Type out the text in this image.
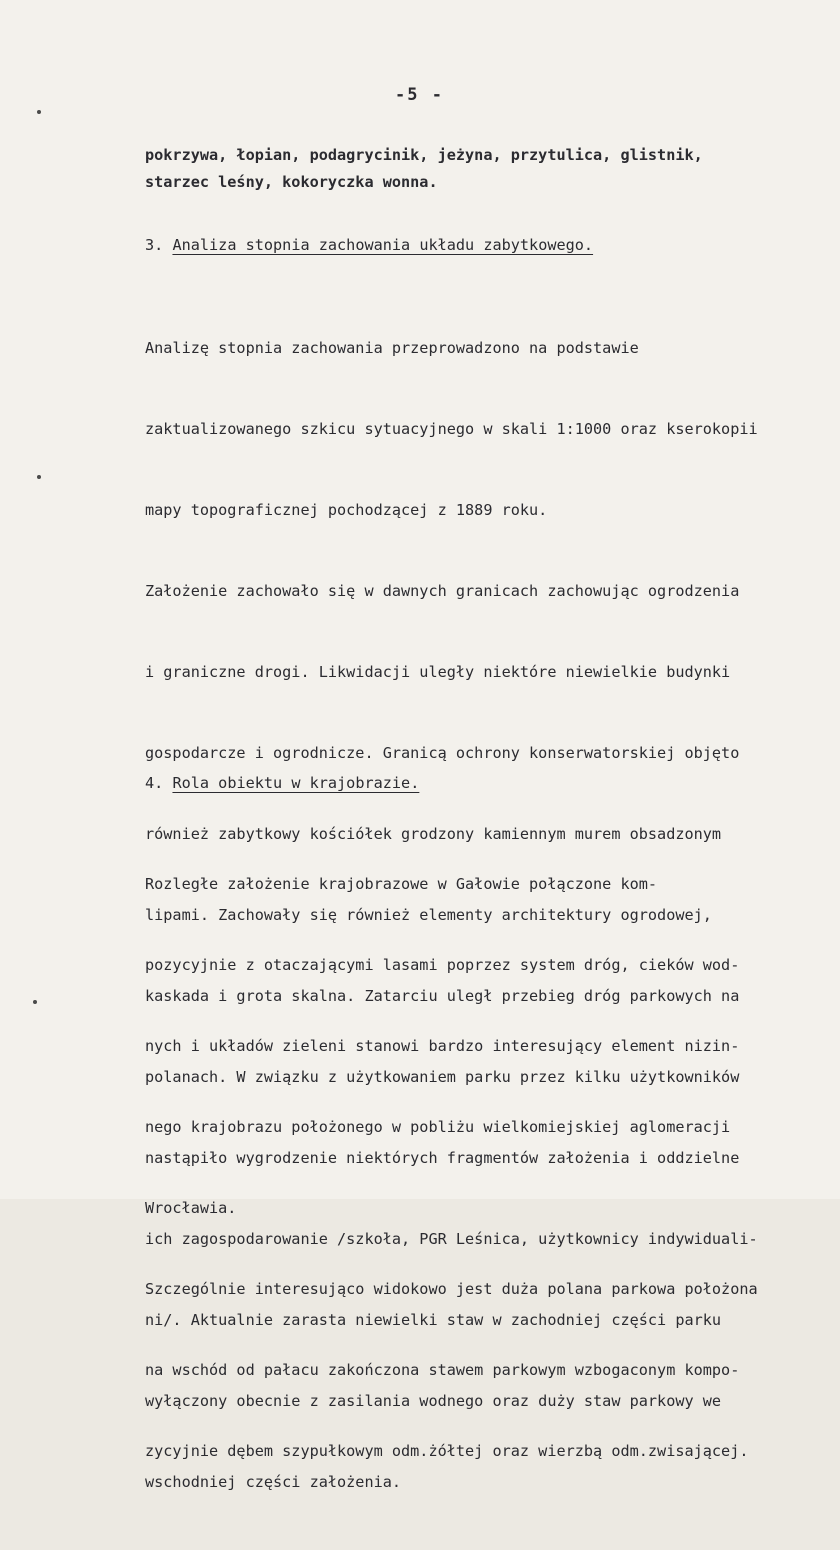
-5 -
pokrzywa, łopian, podagrycinik, jeżyna, przytulica, glistnik,
starzec leśny, kokoryczka wonna.
3. Analiza stopnia zachowania układu zabytkowego.

Analizę stopnia zachowania przeprowadzono na podstawie

zaktualizowanego szkicu sytuacyjnego w skali 1:1000 oraz kserokopii

mapy topograficznej pochodzącej z 1889 roku.

Założenie zachowało się w dawnych granicach zachowując ogrodzenia

i graniczne drogi. Likwidacji uległy niektóre niewielkie budynki

gospodarcze i ogrodnicze. Granicą ochrony konserwatorskiej objęto

również zabytkowy kościółek grodzony kamiennym murem obsadzonym

lipami. Zachowały się również elementy architektury ogrodowej,

kaskada i grota skalna. Zatarciu uległ przebieg dróg parkowych na

polanach. W związku z użytkowaniem parku przez kilku użytkowników

nastąpiło wygrodzenie niektórych fragmentów założenia i oddzielne

ich zagospodarowanie /szkoła, PGR Leśnica, użytkownicy indywiduali-

ni/. Aktualnie zarasta niewielki staw w zachodniej części parku

wyłączony obecnie z zasilania wodnego oraz duży staw parkowy we

wschodniej części założenia.

4. Rola obiektu w krajobrazie.

Rozległe założenie krajobrazowe w Gałowie połączone kom-

pozycyjnie z otaczającymi lasami poprzez system dróg, cieków wod-

nych i układów zieleni stanowi bardzo interesujący element nizin-

nego krajobrazu położonego w pobliżu wielkomiejskiej aglomeracji

Wrocławia.

Szczególnie interesująco widokowo jest duża polana parkowa położona

na wschód od pałacu zakończona stawem parkowym wzbogaconym kompo-

zycyjnie dębem szypułkowym odm.żółtej oraz wierzbą odm.zwisającej.
